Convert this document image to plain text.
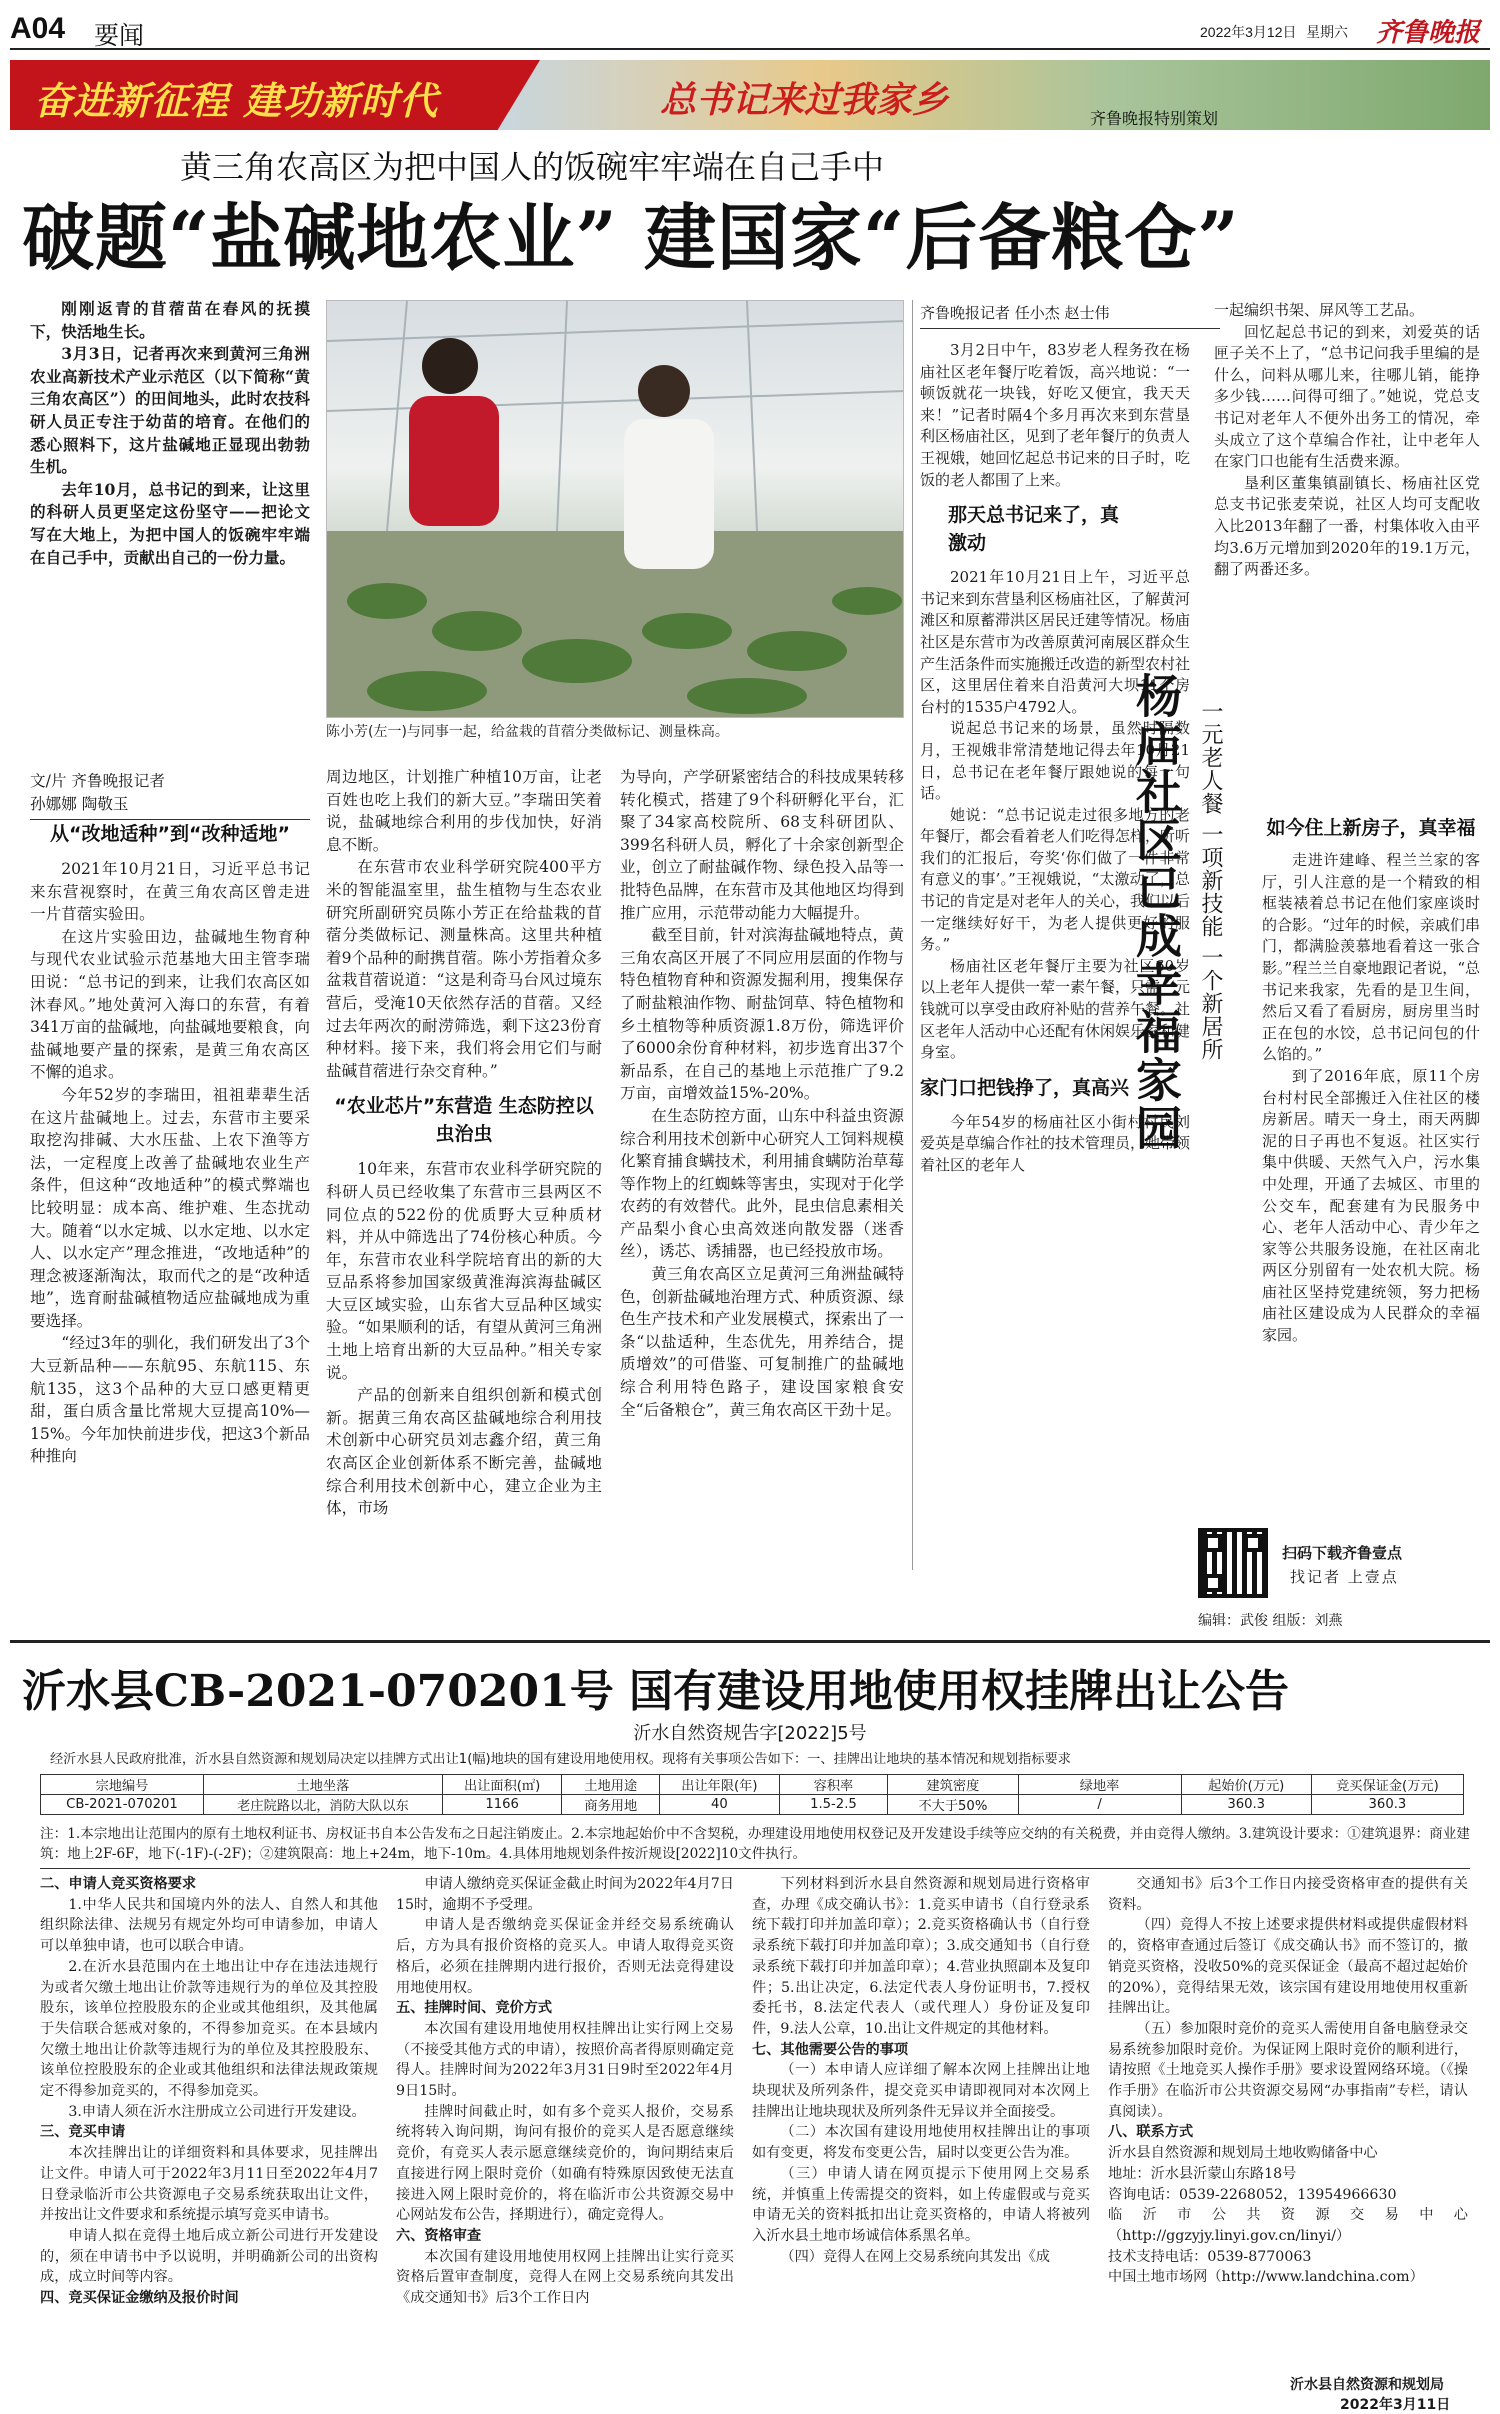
A04 要闻	2022年3月12日 星期六 齐鲁晚报
奋进新征程 建功新时代	总书记来过我家乡	齐鲁晚报特别策划
黄三角农高区为把中国人的饭碗牢牢端在自己手中
破题“盐碱地农业” 建国家“后备粮仓”

刚刚返青的苜蓿苗在春风的抚摸下，快活地生长。

3月3日，记者再次来到黄河三角洲农业高新技术产业示范区（以下简称“黄三角农高区”）的田间地头，此时农技科研人员正专注于幼苗的培育。在他们的悉心照料下，这片盐碱地正显现出勃勃生机。

去年10月，总书记的到来，让这里的科研人员更坚定这份坚守——把论文写在大地上，为把中国人的饭碗牢牢端在自己手中，贡献出自己的一份力量。

文/片 齐鲁晚报记者

孙娜娜 陶敬玉

陈小芳(左一)与同事一起，给盆栽的苜蓿分类做标记、测量株高。
从“改地适种”到“改种适地”

2021年10月21日，习近平总书记来东营视察时，在黄三角农高区曾走进一片苜蓿实验田。

在这片实验田边，盐碱地生物育种与现代农业试验示范基地大田主管李瑞田说：“总书记的到来，让我们农高区如沐春风。”地处黄河入海口的东营，有着341万亩的盐碱地，向盐碱地要粮食，向盐碱地要产量的探索，是黄三角农高区不懈的追求。

今年52岁的李瑞田，祖祖辈辈生活在这片盐碱地上。过去，东营市主要采取挖沟排碱、大水压盐、上农下渔等方法，一定程度上改善了盐碱地农业生产条件，但这种“改地适种”的模式弊端也比较明显：成本高、维护难、生态扰动大。随着“以水定城、以水定地、以水定人、以水定产”理念推进，“改地适种”的理念被逐渐淘汰，取而代之的是“改种适地”，选育耐盐碱植物适应盐碱地成为重要选择。

“经过3年的驯化，我们研发出了3个大豆新品种——东航95、东航115、东航135，这3个品种的大豆口感更精更甜，蛋白质含量比常规大豆提高10%—15%。今年加快前进步伐，把这3个新品种推向

周边地区，计划推广种植10万亩，让老百姓也吃上我们的新大豆。”李瑞田笑着说，盐碱地综合利用的步伐加快，好消息不断。

在东营市农业科学研究院400平方米的智能温室里，盐生植物与生态农业研究所副研究员陈小芳正在给盐栽的苜蓿分类做标记、测量株高。这里共种植着9个品种的耐携苜蓿。陈小芳指着众多盆栽苜蓿说道：“这是利奇马台风过境东营后，受淹10天依然存活的苜蓿。又经过去年两次的耐涝筛选，剩下这23份育种材料。接下来，我们将会用它们与耐盐碱苜蓿进行杂交育种。”

“农业芯片”东营造 生态防控以虫治虫

10年来，东营市农业科学研究院的科研人员已经收集了东营市三县两区不同位点的522份的优质野大豆种质材料，并从中筛选出了74份核心种质。今年，东营市农业科学院培育出的新的大豆品系将参加国家级黄淮海滨海盐碱区大豆区域实验，山东省大豆品种区域实验。“如果顺利的话，有望从黄河三角洲土地上培育出新的大豆品种。”相关专家说。

产品的创新来自组织创新和模式创新。据黄三角农高区盐碱地综合利用技术创新中心研究员刘志鑫介绍，黄三角农高区企业创新体系不断完善，盐碱地综合利用技术创新中心，建立企业为主体，市场

为导向，产学研紧密结合的科技成果转移转化模式，搭建了9个科研孵化平台，汇聚了34家高校院所、68支科研团队、399名科研人员，孵化了十余家创新型企业，创立了耐盐碱作物、绿色投入品等一批特色品牌，在东营市及其他地区均得到推广应用，示范带动能力大幅提升。

截至目前，针对滨海盐碱地特点，黄三角农高区开展了不同应用层面的作物与特色植物育种和资源发掘利用，搜集保存了耐盐粮油作物、耐盐饲草、特色植物和乡土植物等种质资源1.8万份，筛选评价了6000余份育种材料，初步选育出37个新品系，在自己的基地上示范推广了9.2万亩，亩增效益15%-20%。

在生态防控方面，山东中科益虫资源综合利用技术创新中心研究人工饲料规模化繁育捕食螨技术，利用捕食螨防治草莓等作物上的红蜘蛛等害虫，实现对于化学农药的有效替代。此外，昆虫信息素相关产品梨小食心虫高效迷向散发器（迷香丝），诱芯、诱捕器，也已经投放市场。

黄三角农高区立足黄河三角洲盐碱特色，创新盐碱地治理方式、种质资源、绿色生产技术和产业发展模式，探索出了一条“以盐适种，生态优先，用养结合，提质增效”的可借鉴、可复制推广的盐碱地综合利用特色路子，建设国家粮食安全“后备粮仓”，黄三角农高区干劲十足。

齐鲁晚报记者 任小杰 赵士伟

3月2日中午，83岁老人程务孜在杨庙社区老年餐厅吃着饭，高兴地说：“一顿饭就花一块钱，好吃又便宜，我天天来！”记者时隔4个多月再次来到东营垦利区杨庙社区，见到了老年餐厅的负责人王视娥，她回忆起总书记来的日子时，吃饭的老人都围了上来。

那天总书记来了，真激动

2021年10月21日上午，习近平总书记来到东营垦利区杨庙社区，了解黄河滩区和原蓄滞洪区居民迁建等情况。杨庙社区是东营市为改善原黄河南展区群众生产生活条件而实施搬迁改造的新型农村社区，这里居住着来自沿黄河大坝11个房台村的1535户4792人。

说起总书记来的场景，虽然时隔数月，王视娥非常清楚地记得去年10月21日，总书记在老年餐厅跟她说的每一句话。

她说：“总书记说走过很多地方的老年餐厅，都会看着老人们吃得怎样，听听我们的汇报后，夸奖‘你们做了一件非常有意义的事’。”王视娥说，“太激动了，总书记的肯定是对老年人的关心，我们以后一定继续好好干，为老人提供更好的服务。”

杨庙社区老年餐厅主要为社区60岁以上老年人提供一荤一素午餐，只需一元钱就可以享受由政府补贴的营养午餐。社区老年人活动中心还配有休闲娱乐室和健身室。

家门口把钱挣了，真高兴

今年54岁的杨庙社区小街村村民刘爱英是草编合作社的技术管理员，她带领着社区的老年人

杨庙社区已成幸福家园 一元老人餐 一项新技能 一个新居所

一起编织书架、屏风等工艺品。

回忆起总书记的到来，刘爱英的话匣子关不上了，“总书记问我手里编的是什么，问料从哪儿来，往哪儿销，能挣多少钱……问得可细了。”她说，党总支书记对老年人不便外出务工的情况，牵头成立了这个草编合作社，让中老年人在家门口也能有生活费来源。

垦利区董集镇副镇长、杨庙社区党总支书记张麦荣说，社区人均可支配收入比2013年翻了一番，村集体收入由平均3.6万元增加到2020年的19.1万元，翻了两番还多。

如今住上新房子，真幸福

走进许建峰、程兰兰家的客厅，引人注意的是一个精致的相框装裱着总书记在他们家座谈时的合影。“过年的时候，亲戚们串门，都满脸羡慕地看着这一张合影。”程兰兰自豪地跟记者说，“总书记来我家，先看的是卫生间，然后又看了看厨房，厨房里当时正在包的水饺，总书记问包的什么馅的。”

到了2016年底，原11个房台村村民全部搬迁入住社区的楼房新居。晴天一身土，雨天两脚泥的日子再也不复返。社区实行集中供暖、天然气入户，污水集中处理，开通了去城区、市里的公交车，配套建有为民服务中心、老年人活动中心、青少年之家等公共服务设施，在社区南北两区分别留有一处农机大院。杨庙社区坚持党建统领，努力把杨庙社区建设成为人民群众的幸福家园。

扫码下载齐鲁壹点
找记者 上壹点
编辑：武俊 组版：刘燕
沂水县CB-2021-070201号 国有建设用地使用权挂牌出让公告
沂水自然资规告字[2022]5号
经沂水县人民政府批准，沂水县自然资源和规划局决定以挂牌方式出让1(幅)地块的国有建设用地使用权。现将有关事项公告如下：一、挂牌出让地块的基本情况和规划指标要求
宗地编号	土地坐落	出让面积(㎡)	土地用途	出让年限(年)	容积率	建筑密度	绿地率	起始价(万元)	竞买保证金(万元)
CB-2021-070201	老庄院路以北，消防大队以东	1166	商务用地	40	1.5-2.5	不大于50%	/	360.3	360.3
注：1.本宗地出让范围内的原有土地权利证书、房权证书自本公告发布之日起注销废止。2.本宗地起始价中不含契税，办理建设用地使用权登记及开发建设手续等应交纳的有关税费，并由竞得人缴纳。3.建筑设计要求：①建筑退界：商业建筑：地上2F-6F，地下(-1F)-(-2F)；②建筑限高：地上+24m，地下-10m。4.具体用地规划条件按沂规设[2022]10文件执行。

二、申请人竞买资格要求

1.中华人民共和国境内外的法人、自然人和其他组织除法律、法规另有规定外均可申请参加，申请人可以单独申请，也可以联合申请。

2.在沂水县范围内在土地出让中存在违法违规行为或者欠缴土地出让价款等违规行为的单位及其控股股东，该单位控股股东的企业或其他组织，及其他属于失信联合惩戒对象的，不得参加竞买。在本县域内欠缴土地出让价款等违规行为的单位及其控股股东、该单位控股股东的企业或其他组织和法律法规政策规定不得参加竞买的，不得参加竞买。

3.申请人须在沂水注册成立公司进行开发建设。

三、竞买申请

本次挂牌出让的详细资料和具体要求，见挂牌出让文件。申请人可于2022年3月11日至2022年4月7日登录临沂市公共资源电子交易系统获取出让文件，并按出让文件要求和系统提示填写竞买申请书。

申请人拟在竞得土地后成立新公司进行开发建设的，须在申请书中予以说明，并明确新公司的出资构成，成立时间等内容。

四、竞买保证金缴纳及报价时间

申请人缴纳竞买保证金截止时间为2022年4月7日15时，逾期不予受理。

申请人是否缴纳竞买保证金并经交易系统确认后，方为具有报价资格的竞买人。申请人取得竞买资格后，必须在挂牌期内进行报价，否则无法竞得建设用地使用权。

五、挂牌时间、竞价方式

本次国有建设用地使用权挂牌出让实行网上交易（不接受其他方式的申请），按照价高者得原则确定竞得人。挂牌时间为2022年3月31日9时至2022年4月9日15时。

挂牌时间截止时，如有多个竞买人报价，交易系统将转入询问期，询问有报价的竞买人是否愿意继续竞价，有竞买人表示愿意继续竞价的，询问期结束后直接进行网上限时竞价（如确有特殊原因致使无法直接进入网上限时竞价的，将在临沂市公共资源交易中心网站发布公告，择期进行），确定竞得人。

六、资格审查

本次国有建设用地使用权网上挂牌出让实行竞买资格后置审查制度，竞得人在网上交易系统向其发出《成交通知书》后3个工作日内

下列材料到沂水县自然资源和规划局进行资格审查，办理《成交确认书》：1.竞买申请书（自行登录系统下载打印并加盖印章）；2.竞买资格确认书（自行登录系统下载打印并加盖印章）；3.成交通知书（自行登录系统下载打印并加盖印章）；4.营业执照副本及复印件；5.出让决定，6.法定代表人身份证明书，7.授权委托书，8.法定代表人（或代理人）身份证及复印件，9.法人公章，10.出让文件规定的其他材料。

七、其他需要公告的事项

（一）本申请人应详细了解本次网上挂牌出让地块现状及所列条件，提交竞买申请即视同对本次网上挂牌出让地块现状及所列条件无异议并全面接受。

（二）本次国有建设用地使用权挂牌出让的事项如有变更，将发布变更公告，届时以变更公告为准。

（三）申请人请在网页提示下使用网上交易系统，并慎重上传需提交的资料，如上传虚假或与竞买申请无关的资料抵扣出让竞买资格的，申请人将被列入沂水县土地市场诚信体系黑名单。

（四）竞得人在网上交易系统向其发出《成

交通知书》后3个工作日内接受资格审查的提供有关资料。

（四）竞得人不按上述要求提供材料或提供虚假材料的，资格审查通过后签订《成交确认书》而不签订的，撤销竞买资格，没收50%的竞买保证金（最高不超过起始价的20%），竞得结果无效，该宗国有建设用地使用权重新挂牌出让。

（五）参加限时竞价的竞买人需使用自备电脑登录交易系统参加限时竞价。为保证网上限时竞价的顺利进行，请按照《土地竞买人操作手册》要求设置网络环境。（《操作手册》在临沂市公共资源交易网“办事指南”专栏，请认真阅读）。

八、联系方式

沂水县自然资源和规划局土地收购储备中心

地址：沂水县沂蒙山东路18号

咨询电话：0539-2268052，13954966630

临沂市公共资源交易中心（http://ggzyjy.linyi.gov.cn/linyi/）

技术支持电话：0539-8770063

中国土地市场网（http://www.landchina.com）

沂水县自然资源和规划局
2022年3月11日
